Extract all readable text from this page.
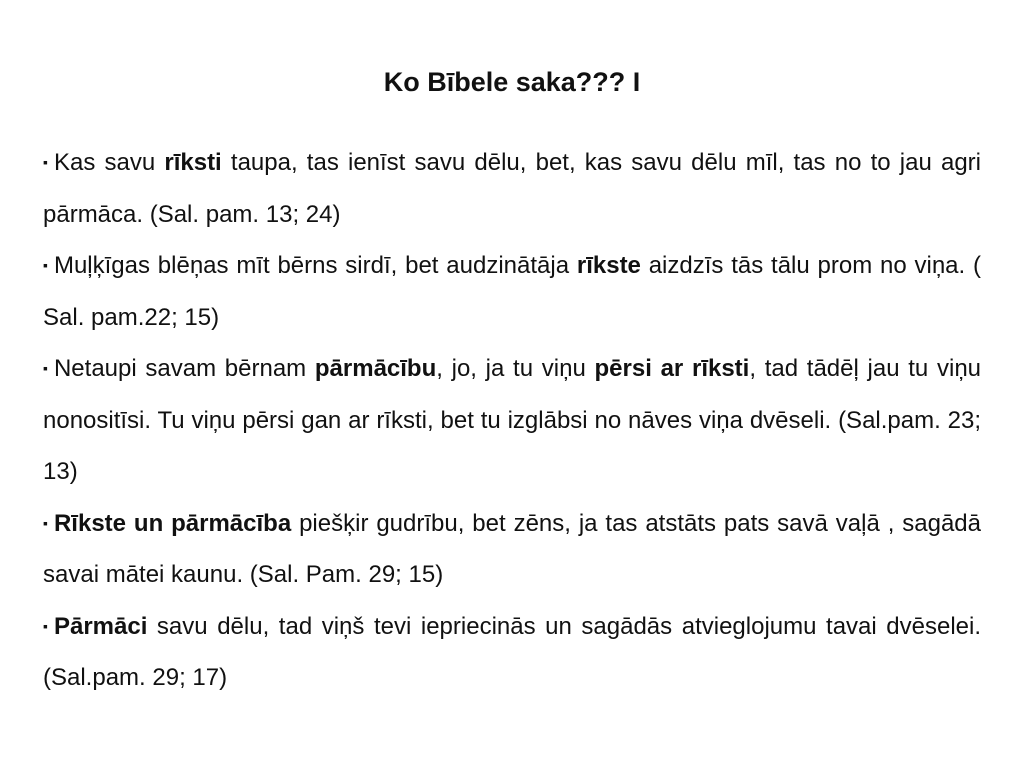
Ko Bībele saka??? I

▪ Kas savu rīksti taupa, tas ienīst savu dēlu, bet, kas savu dēlu mīl, tas no to jau agri pārmāca. (Sal. pam. 13; 24)

▪ Muļķīgas blēņas mīt bērns sirdī, bet audzinātāja rīkste aizdzīs tās tālu prom no viņa. ( Sal. pam.22; 15)

▪ Netaupi savam bērnam pārmācību, jo, ja tu viņu pērsi ar rīksti, tad tādēļ jau tu viņu nonositīsi. Tu viņu pērsi gan ar rīksti, bet tu izglābsi no nāves viņa dvēseli. (Sal.pam. 23; 13)

▪ Rīkste un pārmācība piešķir gudrību, bet zēns, ja tas atstāts pats savā vaļā , sagādā savai mātei kaunu. (Sal. Pam. 29; 15)

▪ Pārmāci savu dēlu, tad viņš tevi iepriecinās un sagādās atvieglojumu tavai dvēselei. (Sal.pam. 29; 17)
